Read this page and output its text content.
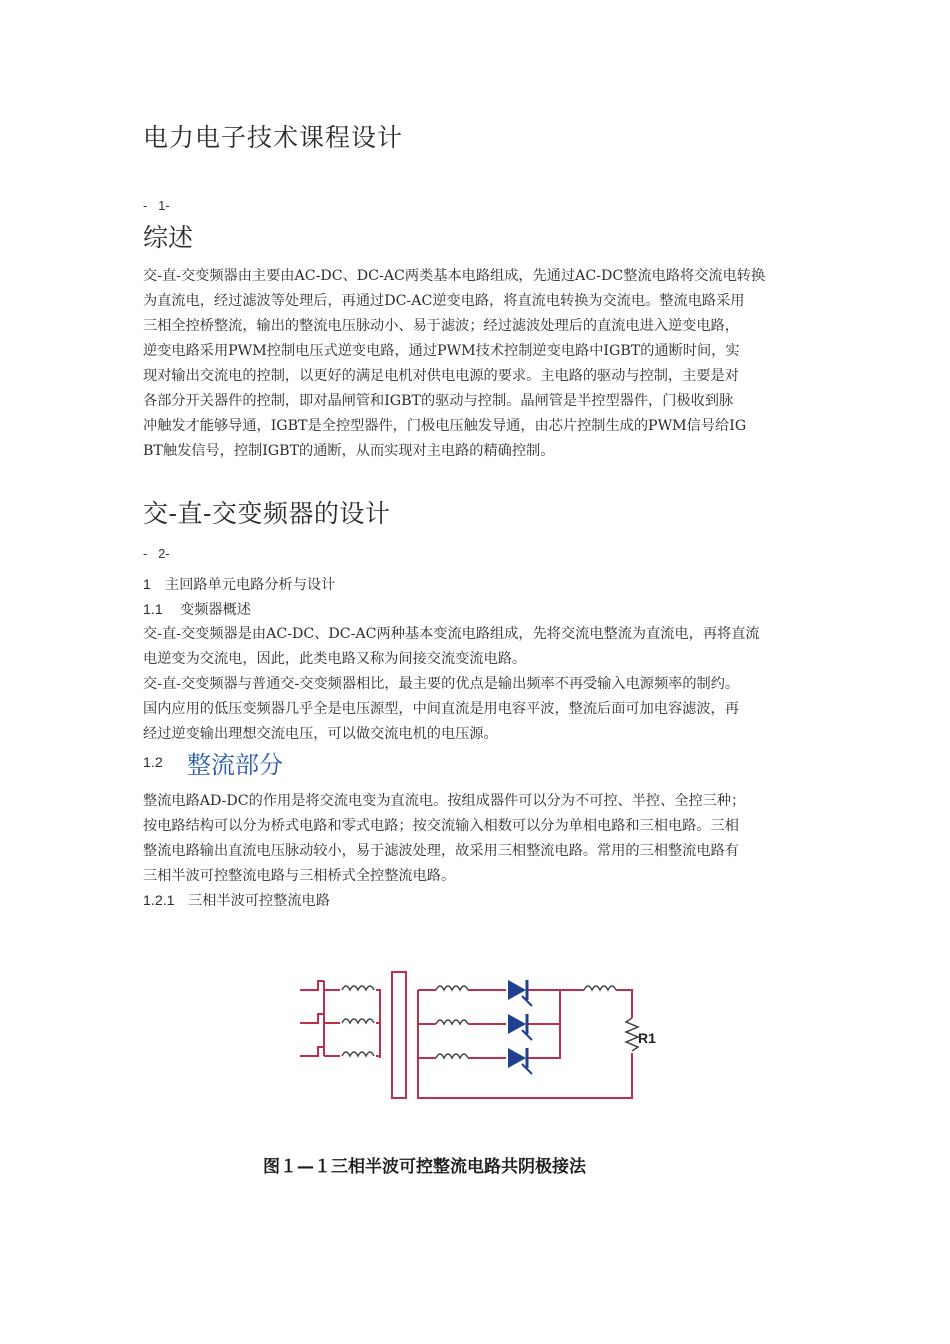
电力电子技术课程设计
-   1-
综述
交-直-交变频器由主要由AC-DC、DC-AC两类基本电路组成，先通过AC-DC整流电路将交流电转换
为直流电，经过滤波等处理后，再通过DC-AC逆变电路，将直流电转换为交流电。整流电路采用
三相全控桥整流，输出的整流电压脉动小、易于滤波；经过滤波处理后的直流电进入逆变电路，
逆变电路采用PWM控制电压式逆变电路，通过PWM技术控制逆变电路中IGBT的通断时间，实
现对输出交流电的控制，以更好的满足电机对供电电源的要求。主电路的驱动与控制，主要是对
各部分开关器件的控制，即对晶闸管和IGBT的驱动与控制。晶闸管是半控型器件，门极收到脉
冲触发才能够导通，IGBT是全控型器件，门极电压触发导通，由芯片控制生成的PWM信号给IG
BT触发信号，控制IGBT的通断，从而实现对主电路的精确控制。
交-直-交变频器的设计
-   2-
1 主回路单元电路分析与设计
1.1 变频器概述
交-直-交变频器是由AC-DC、DC-AC两种基本变流电路组成，先将交流电整流为直流电，再将直流
电逆变为交流电，因此，此类电路又称为间接交流变流电路。
交-直-交变频器与普通交-交变频器相比，最主要的优点是输出频率不再受输入电源频率的制约。
国内应用的低压变频器几乎全是电压源型，中间直流是用电容平波，整流后面可加电容滤波，再
经过逆变输出理想交流电压，可以做交流电机的电压源。
1.2 整流部分
整流电路AD-DC的作用是将交流电变为直流电。按组成器件可以分为不可控、半控、全控三种；
按电路结构可以分为桥式电路和零式电路；按交流输入相数可以分为单相电路和三相电路。三相
整流电路输出直流电压脉动较小，易于滤波处理，故采用三相整流电路。常用的三相整流电路有
三相半波可控整流电路与三相桥式全控整流电路。
1.2.1 三相半波可控整流电路
R1
图１—１三相半波可控整流电路共阴极接法
